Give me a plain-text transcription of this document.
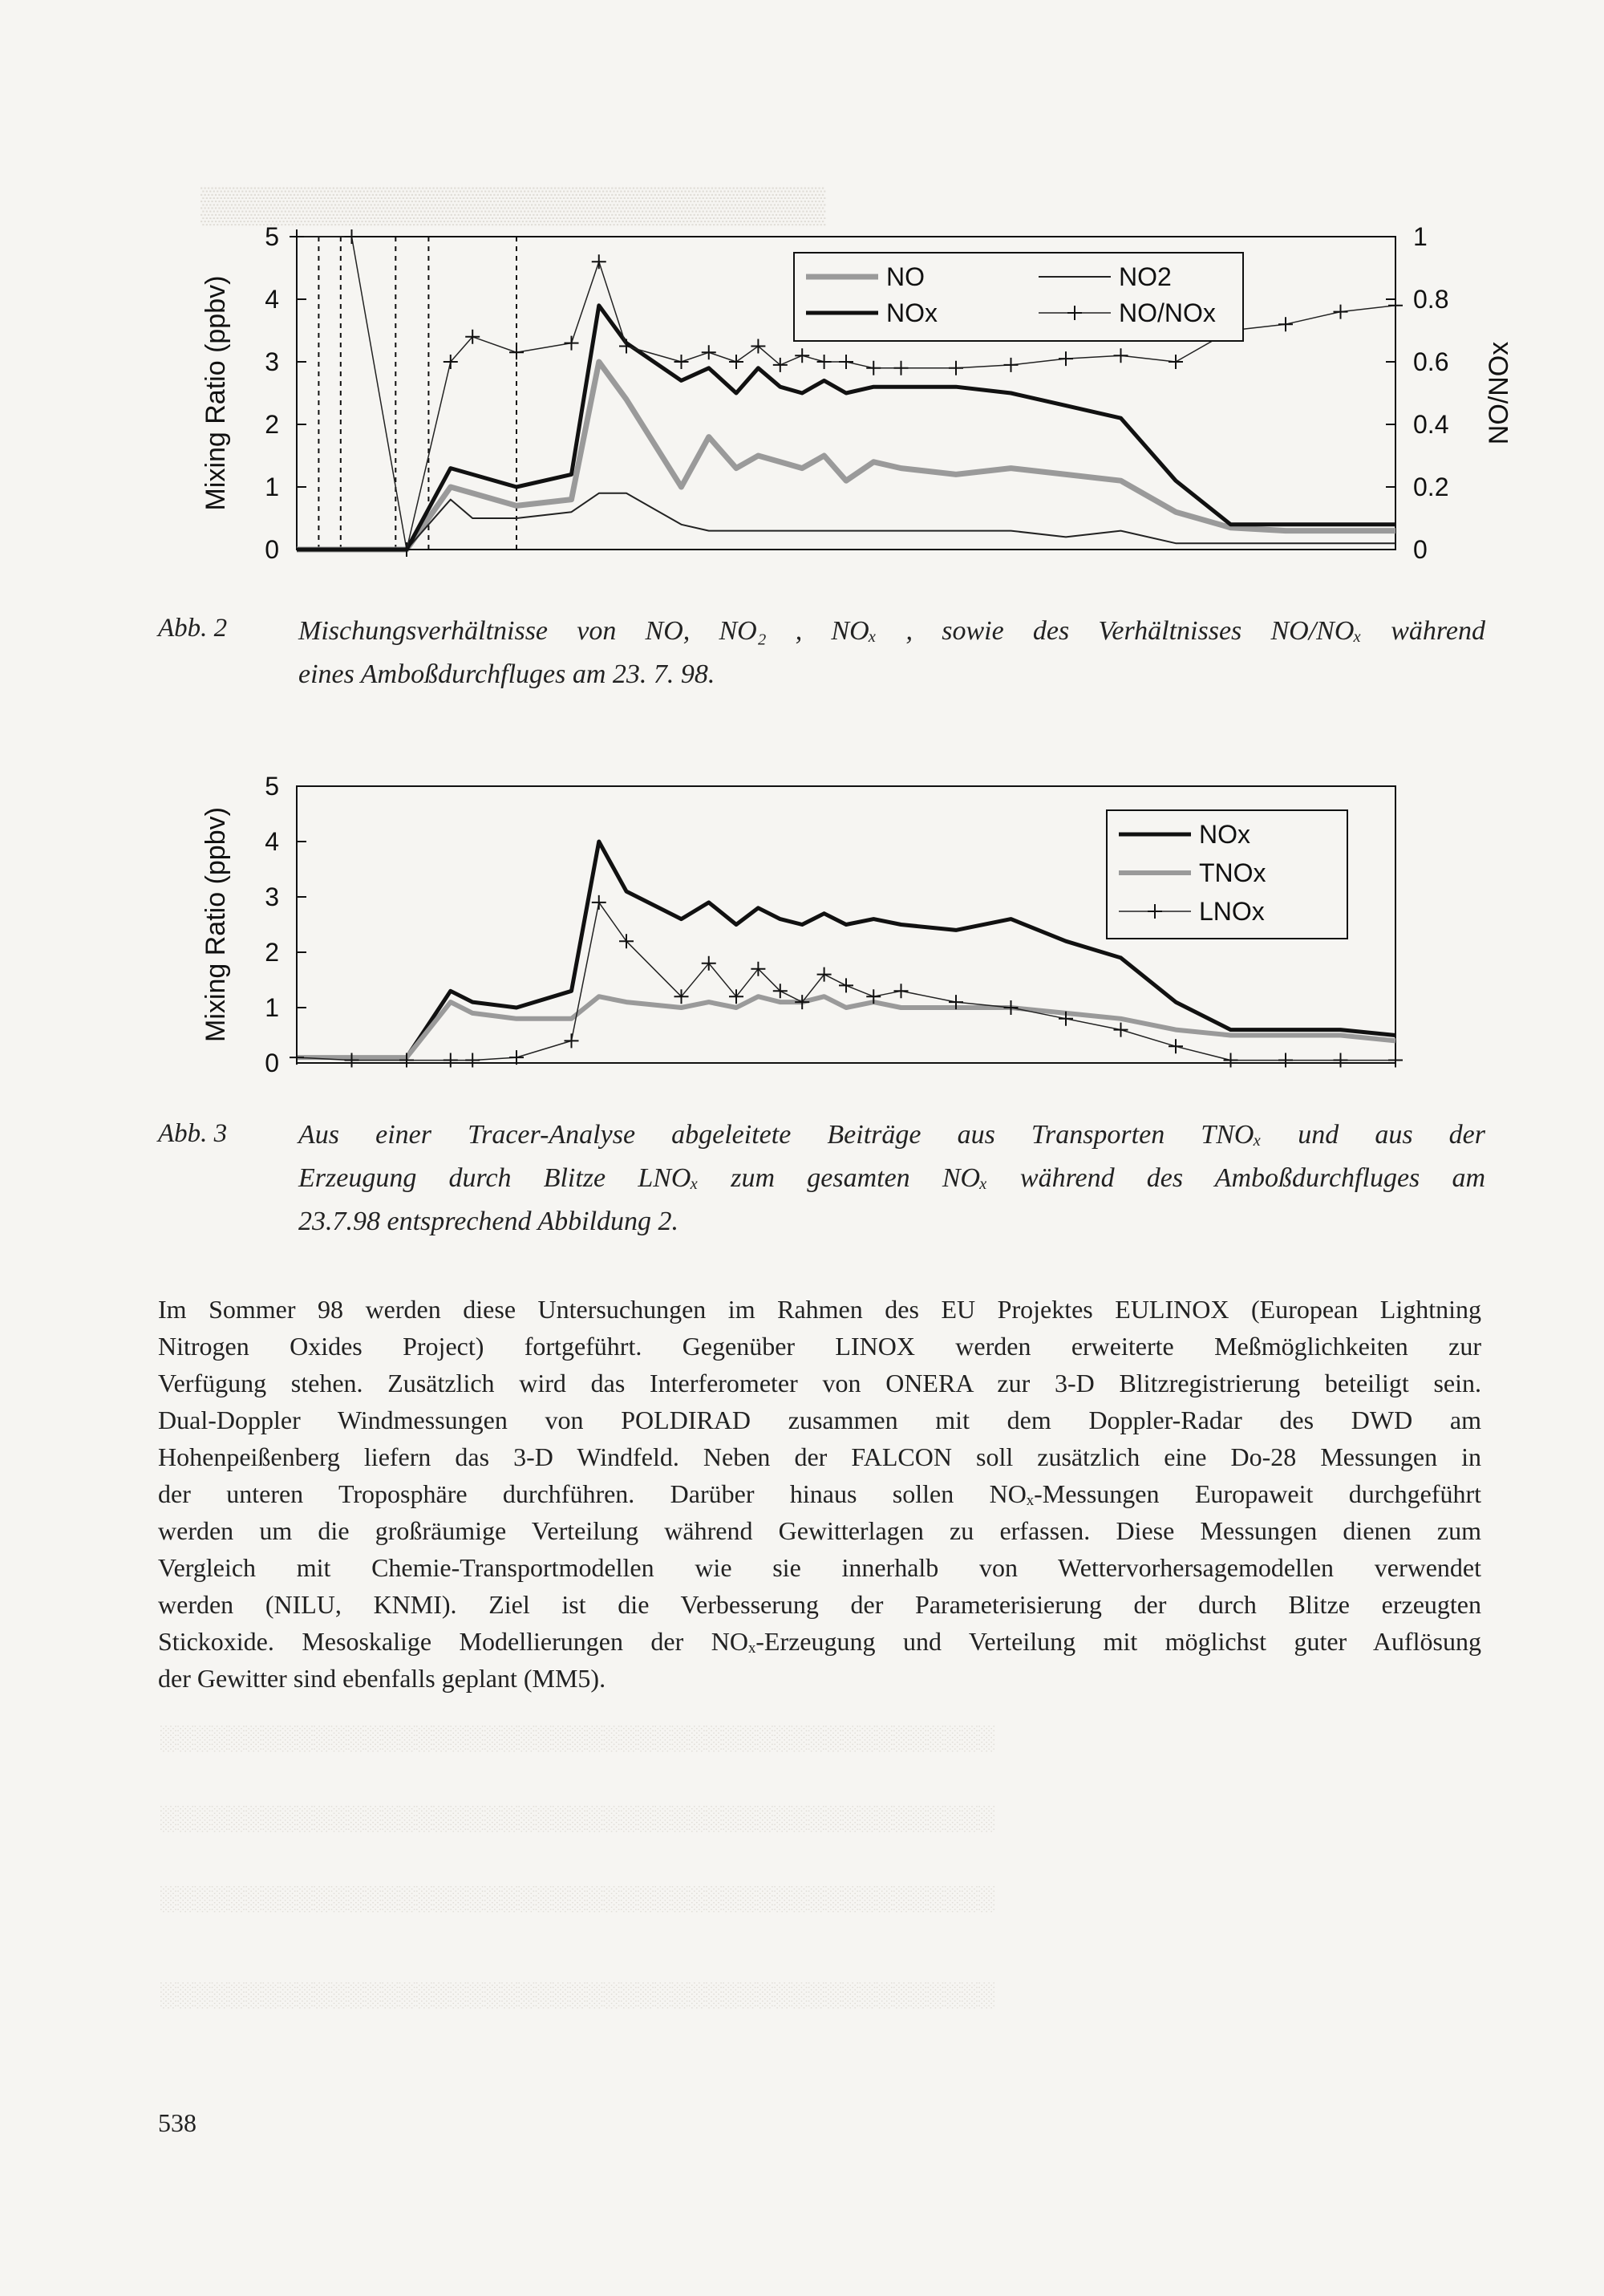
▒▒▒▒▒▒▒▒▒▒▒▒▒▒▒▒▒▒▒▒▒▒▒▒▒
░░░░░░░░░░░░░░░░░░░░░░░░░░░░░░░░░░░░░░░░░░░░░░░░░
░░░░░░░░░░░░░░░░░░░░░░░░░░░░░░░░░░░░░░░░░░░░░░░░░
░░░░░░░░░░░░░░░░░░░░░░░░░░░░░░░░░░░░░░░░░░░░░░░░░
░░░░░░░░░░░░░░░░░░░░░░░░░░░░░░░░░░░░░░░░░░░░░░░░░
0
1
2
3
4
5
Mixing Ratio (ppbv)
0
0.2
0.4
0.6
0.8
1
NO/NOx
NO	NO2
NOx	NO/NOx
Abb. 2	Mischungsverhältnisse von NO, NO₂ , NOₓ , sowie des Verhältnisses NO/NOₓ während
eines Amboßdurchfluges am 23. 7. 98.
0
1
2
3
4
5
Mixing Ratio (ppbv)	NOx
TNOx
LNOx
Abb. 3	Aus einer Tracer-Analyse abgeleitete Beiträge aus Transporten TNOₓ und aus der
Erzeugung durch Blitze LNOₓ zum gesamten NOₓ während des Amboßdurchfluges am
23.7.98 entsprechend Abbildung 2.
Im Sommer 98 werden diese Untersuchungen im Rahmen des EU Projektes EULINOX (European Lightning
Nitrogen Oxides Project) fortgeführt. Gegenüber LINOX werden erweiterte Meßmöglichkeiten zur
Verfügung stehen. Zusätzlich wird das Interferometer von ONERA zur 3-D Blitzregistrierung beteiligt sein.
Dual-Doppler Windmessungen von POLDIRAD zusammen mit dem Doppler-Radar des DWD am
Hohenpeißenberg liefern das 3-D Windfeld. Neben der FALCON soll zusätzlich eine Do-28 Messungen in
der unteren Troposphäre durchführen. Darüber hinaus sollen NOₓ-Messungen Europaweit durchgeführt
werden um die großräumige Verteilung während Gewitterlagen zu erfassen. Diese Messungen dienen zum
Vergleich mit Chemie-Transportmodellen wie sie innerhalb von Wettervorhersagemodellen verwendet
werden (NILU, KNMI). Ziel ist die Verbesserung der Parameterisierung der durch Blitze erzeugten
Stickoxide. Mesoskalige Modellierungen der NOₓ-Erzeugung und Verteilung mit möglichst guter Auflösung
der Gewitter sind ebenfalls geplant (MM5).
538
